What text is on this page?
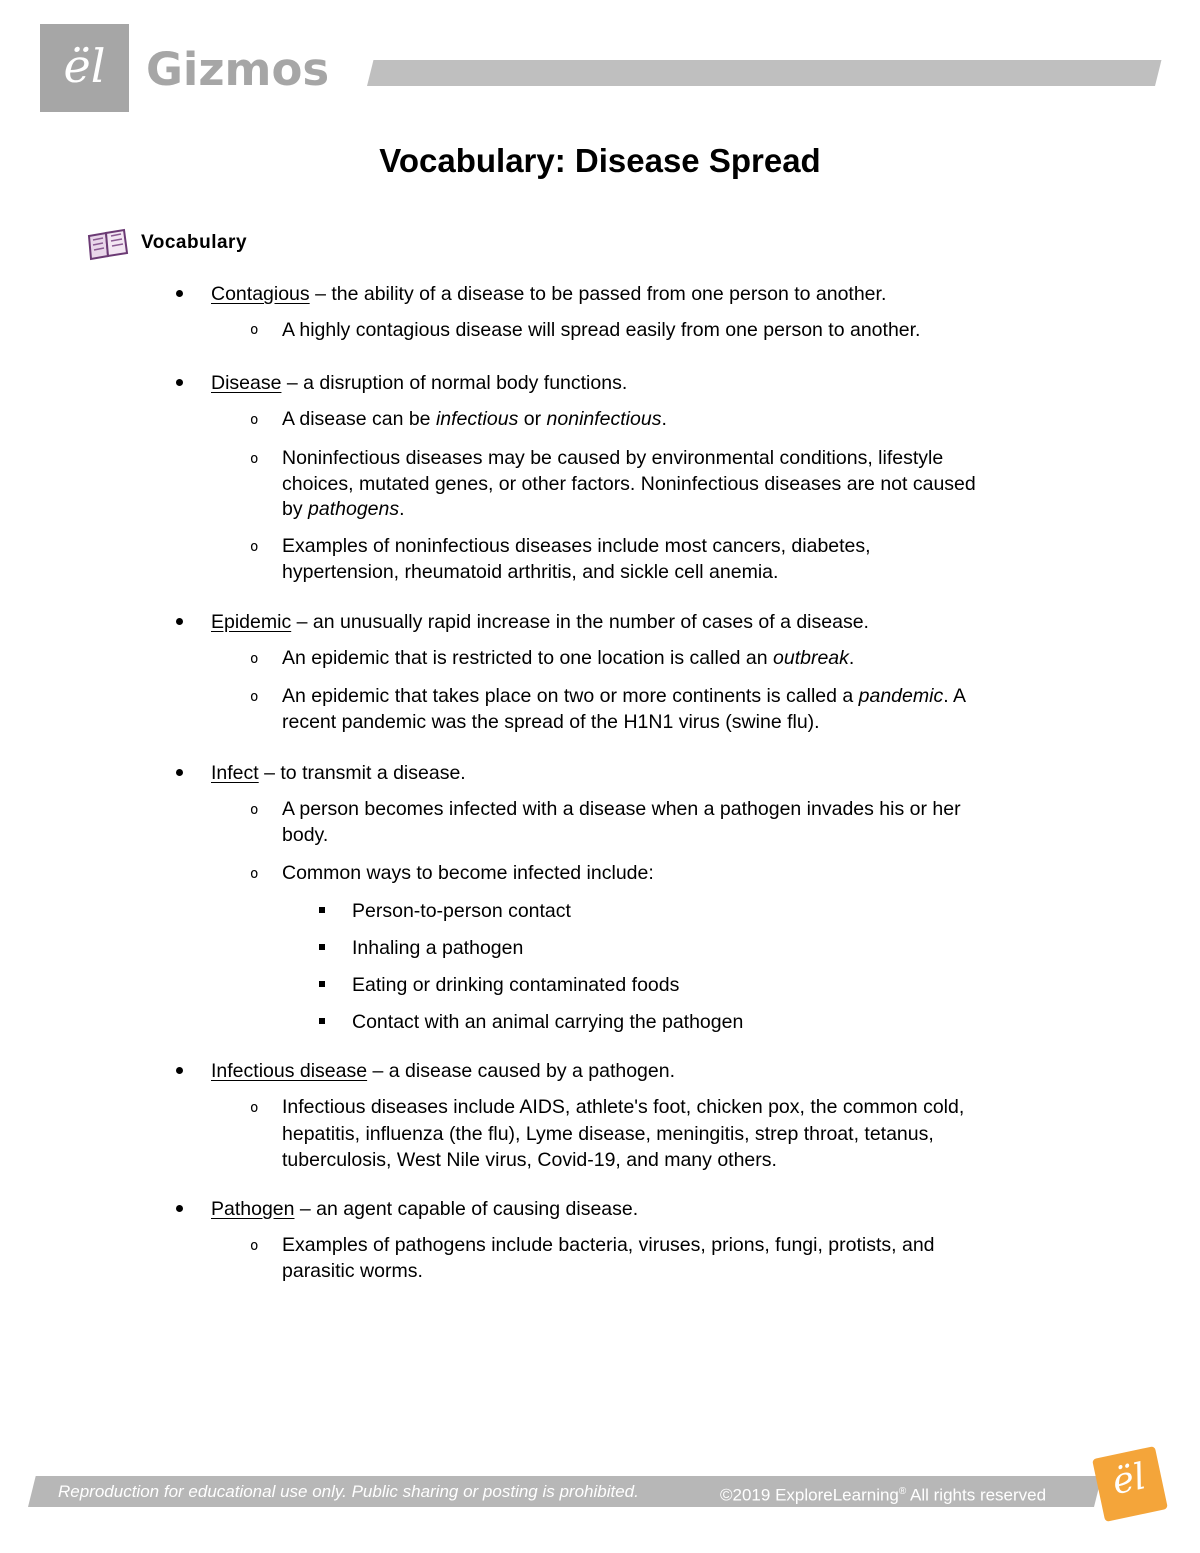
ël Gizmos
Vocabulary: Disease Spread
Vocabulary
Contagious – the ability of a disease to be passed from one person to another.
o A highly contagious disease will spread easily from one person to another.
Disease – a disruption of normal body functions.
o A disease can be infectious or noninfectious.
o Noninfectious diseases may be caused by environmental conditions, lifestyle
choices, mutated genes, or other factors. Noninfectious diseases are not caused
by pathogens.
o Examples of noninfectious diseases include most cancers, diabetes,
hypertension, rheumatoid arthritis, and sickle cell anemia.
Epidemic – an unusually rapid increase in the number of cases of a disease.
o An epidemic that is restricted to one location is called an outbreak.
o An epidemic that takes place on two or more continents is called a pandemic. A
recent pandemic was the spread of the H1N1 virus (swine flu).
Infect – to transmit a disease.
o A person becomes infected with a disease when a pathogen invades his or her
body.
o Common ways to become infected include:
Person-to-person contact
Inhaling a pathogen
Eating or drinking contaminated foods
Contact with an animal carrying the pathogen
Infectious disease – a disease caused by a pathogen.
o Infectious diseases include AIDS, athlete's foot, chicken pox, the common cold,
hepatitis, influenza (the flu), Lyme disease, meningitis, strep throat, tetanus,
tuberculosis, West Nile virus, Covid-19, and many others.
Pathogen – an agent capable of causing disease.
o Examples of pathogens include bacteria, viruses, prions, fungi, protists, and
parasitic worms.
Reproduction for educational use only. Public sharing or posting is prohibited.	©2019 ExploreLearning® All rights reserved	ël
